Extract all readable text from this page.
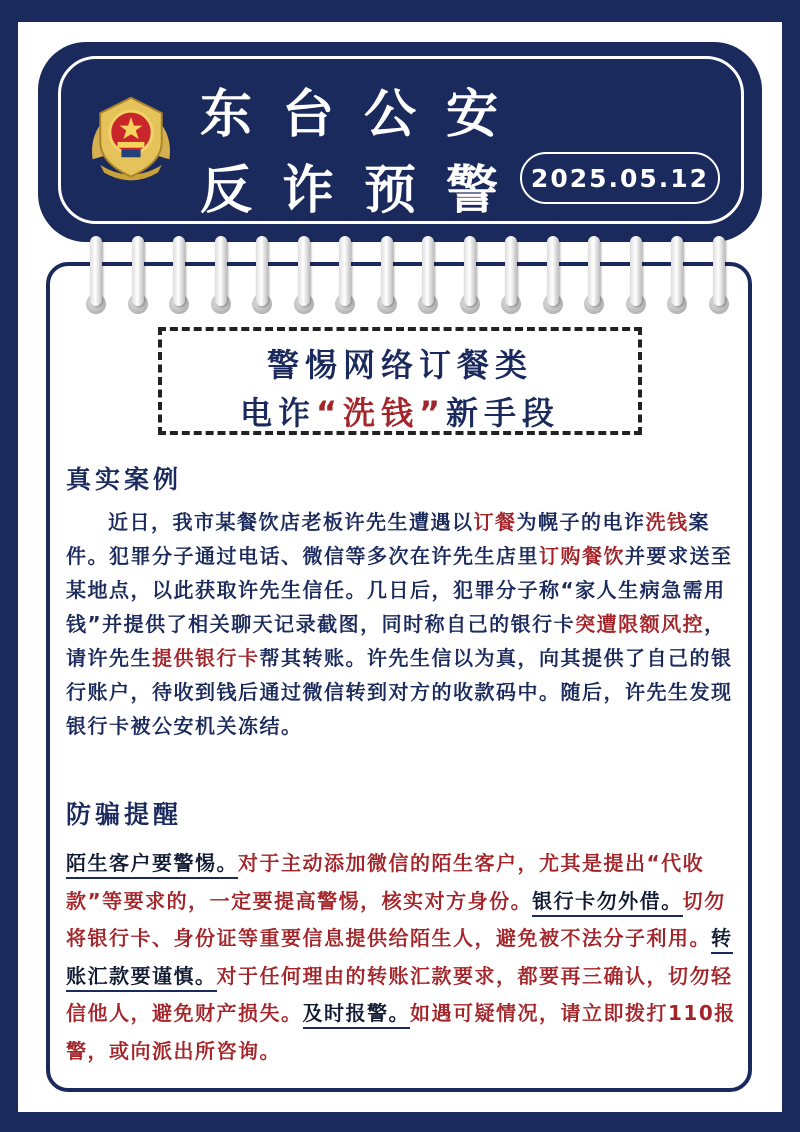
东台公安
反诈预警 2025.05.12
警惕网络订餐类
电诈“洗钱”新手段
真实案例
近日，我市某餐饮店老板许先生遭遇以订餐为幌子的电诈洗钱案件。犯罪分子通过电话、微信等多次在许先生店里订购餐饮并要求送至某地点，以此获取许先生信任。几日后，犯罪分子称“家人生病急需用钱”并提供了相关聊天记录截图，同时称自己的银行卡突遭限额风控，请许先生提供银行卡帮其转账。许先生信以为真，向其提供了自己的银行账户，待收到钱后通过微信转到对方的收款码中。随后，许先生发现银行卡被公安机关冻结。
防骗提醒
陌生客户要警惕。对于主动添加微信的陌生客户，尤其是提出“代收款”等要求的，一定要提高警惕，核实对方身份。银行卡勿外借。切勿将银行卡、身份证等重要信息提供给陌生人，避免被不法分子利用。转账汇款要谨慎。对于任何理由的转账汇款要求，都要再三确认，切勿轻信他人，避免财产损失。及时报警。如遇可疑情况，请立即拨打110报警，或向派出所咨询。
